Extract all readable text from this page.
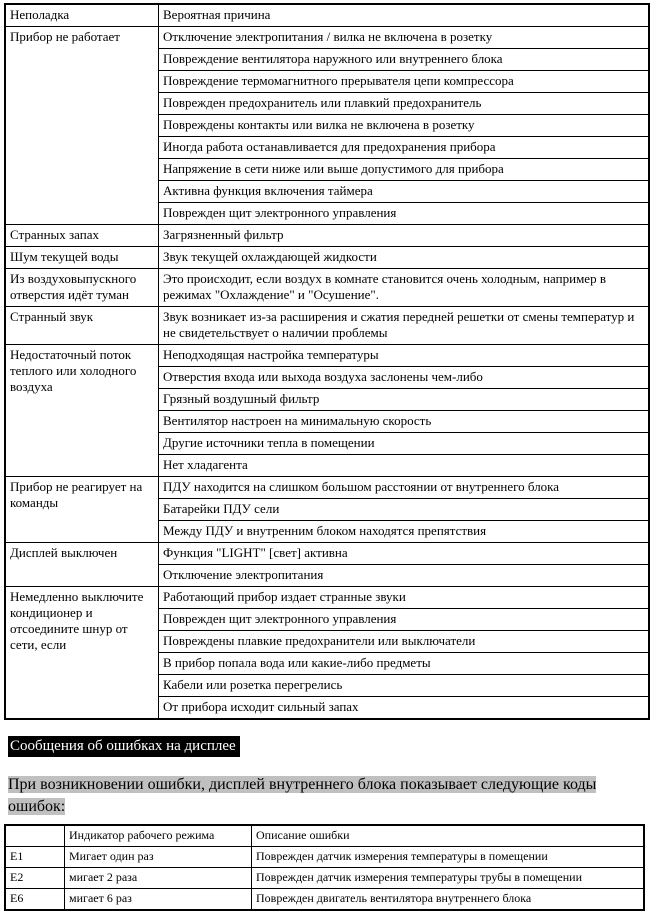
Неполадка	Вероятная причина
Прибор не работает	Отключение электропитания / вилка не включена в розетку
	Повреждение вентилятора наружного или внутреннего блока
	Повреждение термомагнитного прерывателя цепи компрессора
	Поврежден предохранитель или плавкий предохранитель
	Повреждены контакты или вилка не включена в розетку
	Иногда работа останавливается для предохранения прибора
	Напряжение в сети ниже или выше допустимого для прибора
	Активна функция включения таймера
	Поврежден щит электронного управления
Странных запах	Загрязненный фильтр
Шум текущей воды	Звук текущей охлаждающей жидкости
Из воздуховыпускного отверстия идёт туман	Это происходит, если воздух в комнате становится очень холодным, например в режимах "Охлаждение" и "Осушение".
Странный звук	Звук возникает из-за расширения и сжатия передней решетки от смены температур и не свидетельствует о наличии проблемы
Недостаточный поток теплого или холодного воздуха	Неподходящая настройка температуры
	Отверстия входа или выхода воздуха заслонены чем-либо
	Грязный воздушный фильтр
	Вентилятор настроен на минимальную скорость
	Другие источники тепла в помещении
	Нет хладагента
Прибор не реагирует на команды	ПДУ находится на слишком большом расстоянии от внутреннего блока
	Батарейки ПДУ сели
	Между ПДУ и внутренним блоком находятся препятствия
Дисплей выключен	Функция "LIGHT" [свет] активна
	Отключение электропитания
Немедленно выключите кондиционер и отсоедините шнур от сети, если	Работающий прибор издает странные звуки
	Поврежден щит электронного управления
	Повреждены плавкие предохранители или выключатели
	В прибор попала вода или какие-либо предметы
	Кабели или розетка перегрелись
	От прибора исходит сильный запах
Сообщения об ошибках на дисплее

При возникновении ошибки, дисплей внутреннего блока показывает следующие коды
ошибок:

	Индикатор рабочего режима	Описание ошибки
E1	Мигает один раз	Поврежден датчик измерения температуры в помещении
E2	мигает 2 раза	Поврежден датчик измерения температуры трубы в помещении
E6	мигает 6 раз	Поврежден двигатель вентилятора внутреннего блока
